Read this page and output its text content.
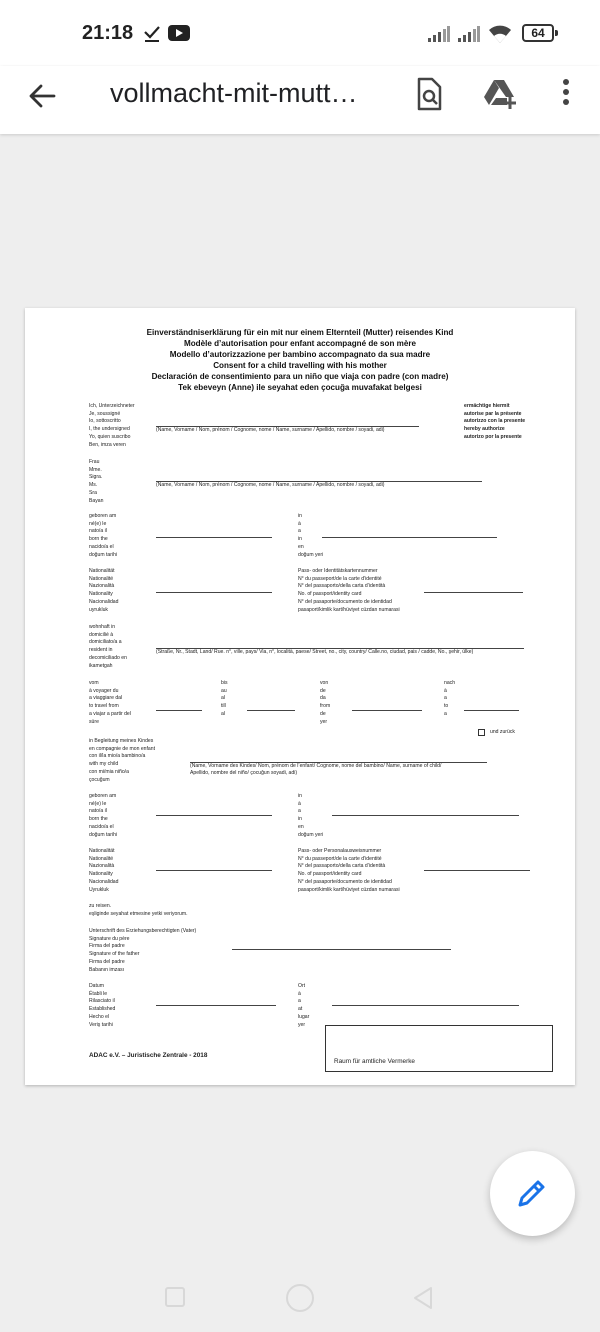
21:18	64
vollmacht-mit-mutt…
Einverständniserklärung für ein mit nur einem Elternteil (Mutter) reisendes Kind
Modèle d’autorisation pour enfant accompagné de son mère
Modello d’autorizzazione per bambino accompagnato da sua madre
Consent for a child travelling with his mother
Declaración de consentimiento para un niño que viaja con padre (con madre)
Tek ebeveyn (Anne) ile seyahat eden çocuğa muvafakat belgesi
Ich, Unterzeichneter
Je, soussigné
Io, sottoscritto
I, the undersigned
Yo, quien suscribo
Ben, imza veren
(Name, Vorname / Nom, prénom / Cognome, nome / Name, surname / Apellido, nombre / soyadi, adi)
ermächtige hiermit
autorise par la présente
autorizzo con la presente
hereby authorize
autorizo por la presente
Frau
Mme.
Sigra.
Ms.
Sra
Bayan
(Name, Vorname / Nom, prénom / Cognome, nome / Name, surname / Apellido, nombre / soyadi, adi)
geboren am
né(e) le
nato/a il
born the
nacido/a el
doğum tarihi
in
à
a
in
en
doğum yeri
Nationalität
Nationalité
Nazionalità
Nationality
Nacionalidad
uyrukluk
Pass- oder Identitätskartennummer
N° du passeport/de la carte d’identité
N° del passaporto/della carta d’identità
No. of passport/identity card
N° del pasaporte/documento de identidad
pasaport/kimlik kart/hüviyet cüzdan numarasi
wohnhaft in
domicilié à
domiciliato/a a
resident in
decomiciliado en
ikametgah
(Straße, Nr., Stadt, Land/ Rue. n°, ville, pays/ Via, n°, località, paese/ Street, no., city, country/ Calle.no, ciudad, pais / cadde, No., şehir, ülke)
vom
à voyager du
a viaggiare dal
to travel from
a viajar a partir del
süre
bis
au
al
till
al
von
de
da
from
de
yer
nach
à
a
to
a
und zurück
in Begleitung meines Kindes
en compagnie de mon enfant
con il/la mio/a bambino/a
with my child
con mi/mia niño/a
çocuğum
(Name, Vorname des Kindes/ Nom, prénom de l’enfant/ Cognome, nome del bambino/ Name, surname of child/
Apellido, nombre del niño/ çocuğun soyadi, adi)
geboren am
né(e) le
nato/a il
born the
nacido/a el
doğum tarihi
in
à
a
in
en
doğum yeri
Nationalität
Nationalité
Nazionalità
Nationality
Nacionalidad
Uyrukluk
Pass- oder Personalausweisnummer
N° du passeport/de la carte d’identité
N° del passaporto/della carta d’identità
No. of passport/identity card
N° del pasaporte/documento de identidad
pasaport/kimlik kart/hüviyet cüzdan numarasi
zu reisen.
eşliginde seyahat etmesine yetki veriyorum.
Unterschrift des Erziehungsberechtigten (Vater)
Signature du père
Firma del padre
Signature of the father
Firma del padre
Babanın imzası
Datum
Établi le
Rilasciato il
Established
Hecho el
Veriş tarihi
Ort
à
a
at
lugar
yer
Raum für amtliche Vermerke
ADAC e.V. – Juristische Zentrale - 2018
